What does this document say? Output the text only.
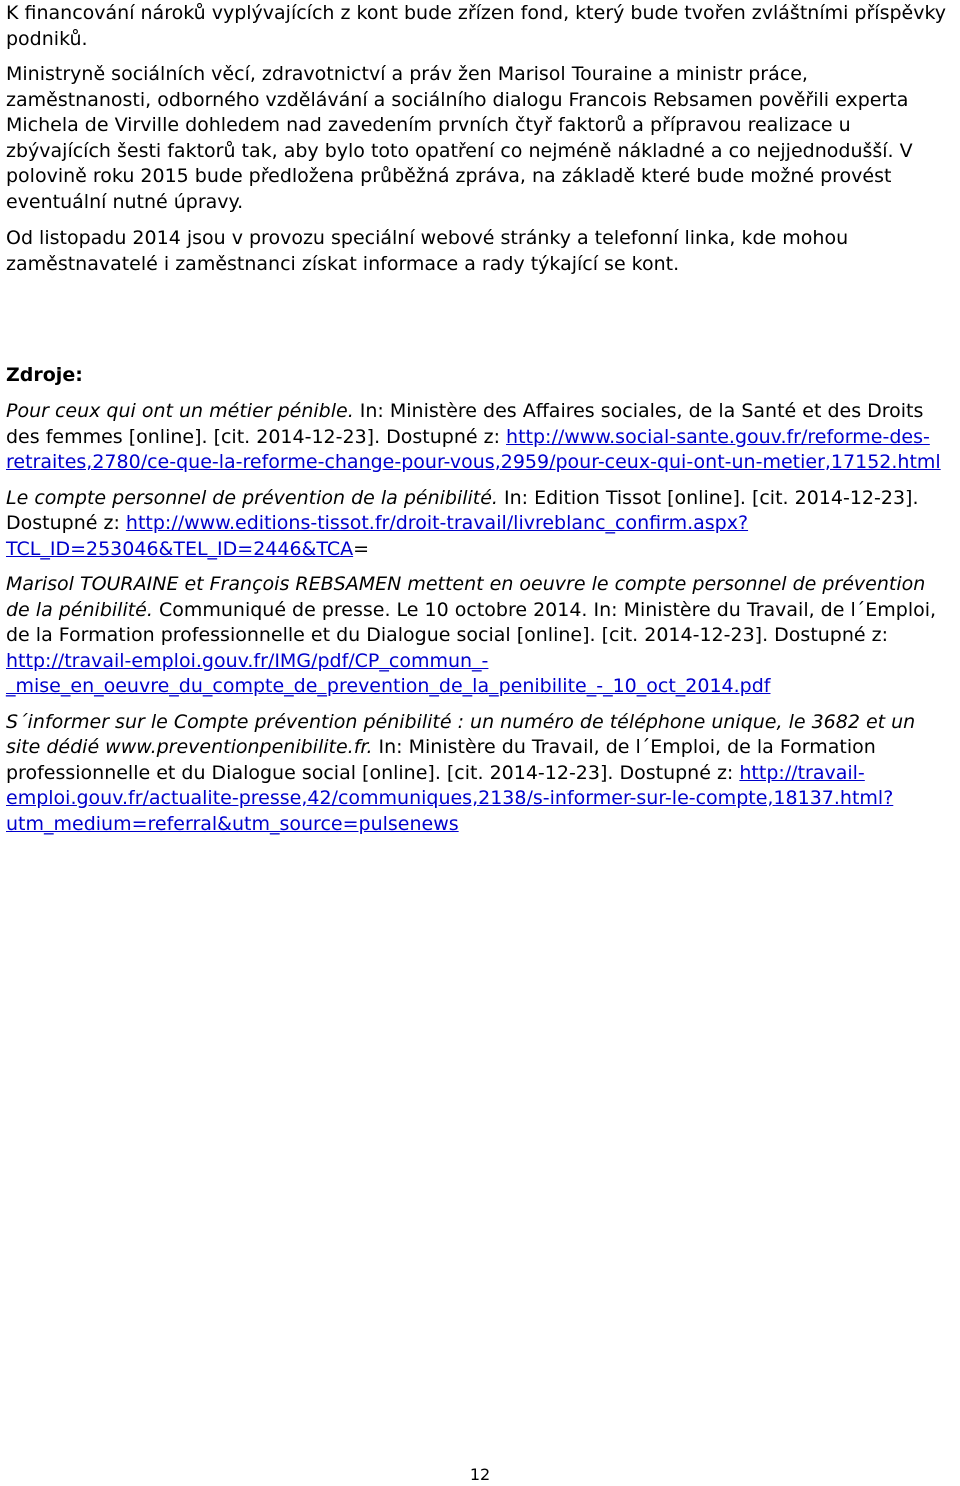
K financování nároků vyplývajících z kont bude zřízen fond, který bude tvořen zvláštními příspěvky podniků.

Ministryně sociálních věcí, zdravotnictví a práv žen Marisol Touraine a ministr práce, zaměstnanosti, odborného vzdělávání a sociálního dialogu Francois Rebsamen pověřili experta Michela de Virville dohledem nad zavedením prvních čtyř faktorů a přípravou realizace u zbývajících šesti faktorů tak, aby bylo toto opatření co nejméně nákladné a co nejjednodušší. V polovině roku 2015 bude předložena průběžná zpráva, na základě které bude možné provést eventuální nutné úpravy.

Od listopadu 2014 jsou v provozu speciální webové stránky a telefonní linka, kde mohou zaměstnavatelé i zaměstnanci získat informace a rady týkající se kont.

Zdroje:

Pour ceux qui ont un métier pénible. In: Ministère des Affaires sociales, de la Santé et des Droits des femmes [online]. [cit. 2014-12-23]. Dostupné z: http://www.social-sante.gouv.fr/reforme-des-retraites,2780/ce-que-la-reforme-change-pour-vous,2959/pour-ceux-qui-ont-un-metier,17152.html

Le compte personnel de prévention de la pénibilité. In: Edition Tissot [online]. [cit. 2014-12-23]. Dostupné z: http://www.editions-tissot.fr/droit-travail/livreblanc_confirm.aspx?TCL_ID=253046&TEL_ID=2446&TCA=

Marisol TOURAINE et François REBSAMEN mettent en oeuvre le compte personnel de prévention de la pénibilité. Communiqué de presse. Le 10 octobre 2014. In: Ministère du Travail, de l´Emploi, de la Formation professionnelle et du Dialogue social [online]. [cit. 2014-12-23]. Dostupné z: http://travail-emploi.gouv.fr/IMG/pdf/CP_commun_-_mise_en_oeuvre_du_compte_de_prevention_de_la_penibilite_-_10_oct_2014.pdf

S´informer sur le Compte prévention pénibilité : un numéro de téléphone unique, le 3682 et un site dédié www.preventionpenibilite.fr. In: Ministère du Travail, de l´Emploi, de la Formation professionnelle et du Dialogue social [online]. [cit. 2014-12-23]. Dostupné z: http://travail-emploi.gouv.fr/actualite-presse,42/communiques,2138/s-informer-sur-le-compte,18137.html?utm_medium=referral&utm_source=pulsenews

12
